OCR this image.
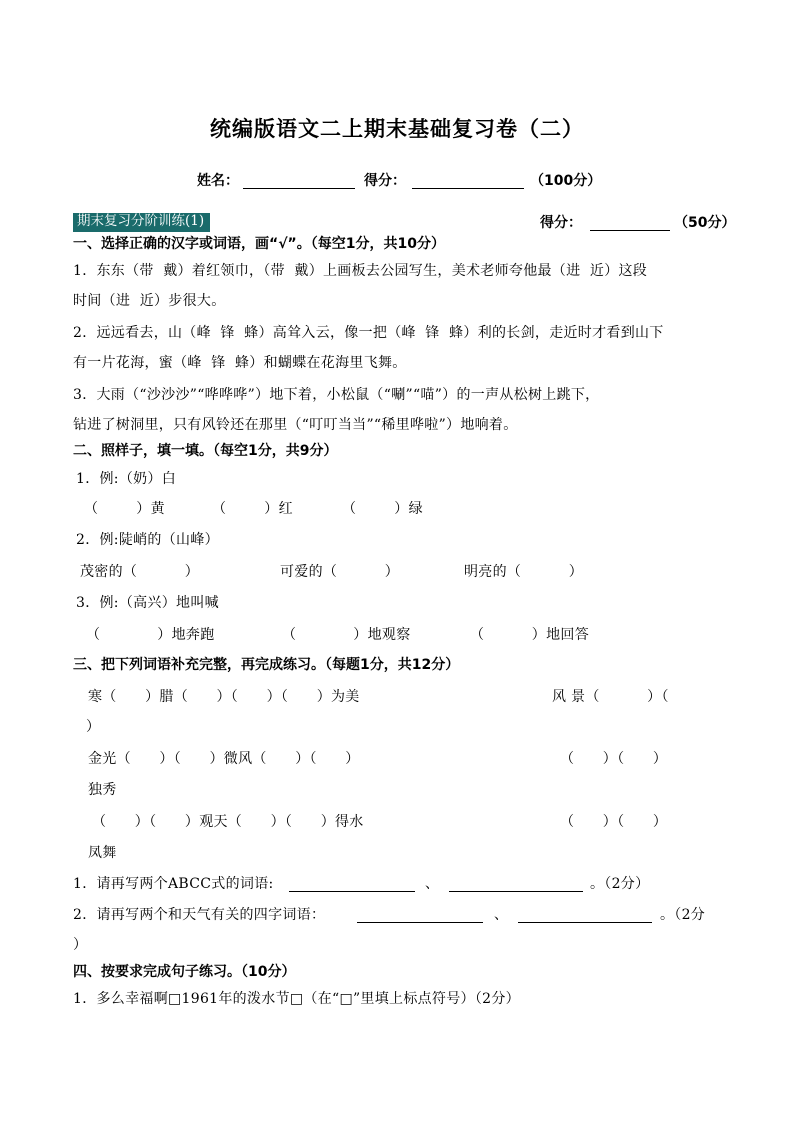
统编版语文二上期末基础复习卷（二）
姓名：	得分：	（100分）
期末复习分阶训练(1)	得分：	（50分）
一、选择正确的汉字或词语，画“√”。（每空1分，共10分）
1．东东（带  戴）着红领巾，（带  戴）上画板去公园写生，美术老师夸他最（进  近）这段
时间（进  近）步很大。
2．远远看去，山（峰  锋  蜂）高耸入云，像一把（峰  锋  蜂）利的长剑，走近时才看到山下
有一片花海，蜜（峰  锋  蜂）和蝴蝶在花海里飞舞。
3．大雨（“沙沙沙”“哗哗哗”）地下着，小松鼠（“唰”“喵”）的一声从松树上跳下，
钻进了树洞里，只有风铃还在那里（“叮叮当当”“稀里哗啦”）地响着。
二、照样子，填一填。（每空1分，共9分）
1．例:（奶）白
（        ）黄	（        ）红	（        ）绿
2．例:陡峭的（山峰）
茂密的（          ）	可爱的（          ）	明亮的（          ）
3．例:（高兴）地叫喊
（            ）地奔跑	（            ）地观察	（          ）地回答
三、把下列词语补充完整，再完成练习。（每题1分，共12分）
寒（      ）腊（      ）（      ）（      ）为美	风 景（          ）（
）
金光（      ）（      ）微风（      ）（      ）	（      ）（      ）
独秀
（      ）（      ）观天（      ）（      ）得水	（      ）（      ）
凤舞
1．请再写两个ABCC式的词语:	、	。（2分）
2．请再写两个和天气有关的四字词语：	、	。（2分
）
四、按要求完成句子练习。（10分）
1．多么幸福啊□1961年的泼水节□（在“□”里填上标点符号）（2分）
